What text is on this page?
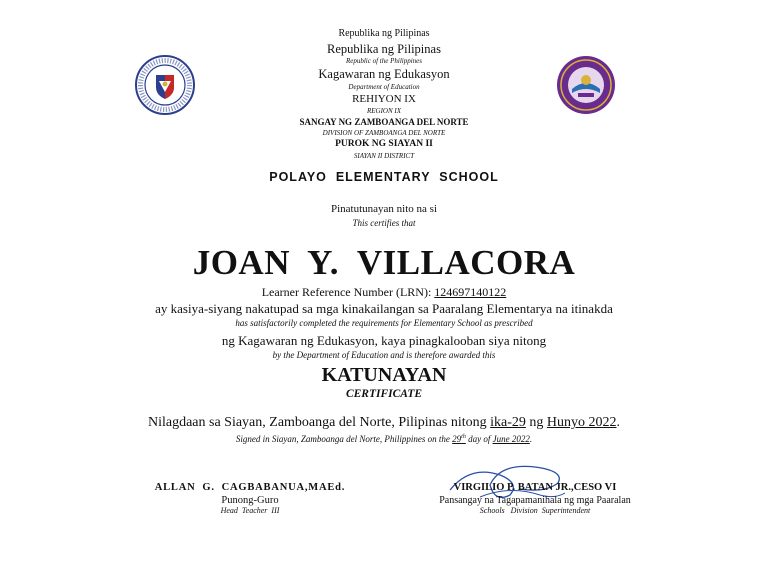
Republika ng Pilipinas
Republika ng Pilipinas
Republic of the Philippines
Kagawaran ng Edukasyon
Department of Education
REHIYON IX
REGION IX
SANGAY NG ZAMBOANGA DEL NORTE
DIVISION OF ZAMBOANGA DEL NORTE
PUROK NG SIAYAN II
SIAYAN II DISTRICT
POLAYO  ELEMENTARY  SCHOOL
Pinatutunayan nito na si
This certifies that
JOAN  Y.  VILLACORA
Learner Reference Number (LRN): 124697140122
ay kasiya-siyang nakatupad sa mga kinakailangan sa Paaralang Elementarya na itinakda
has satisfactorily completed the requirements for Elementary School as prescribed
ng Kagawaran ng Edukasyon, kaya pinagkalooban siya nitong
by the Department of Education and is therefore awarded this
KATUNAYAN
CERTIFICATE
Nilagdaan sa Siayan, Zamboanga del Norte, Pilipinas nitong ika-29 ng Hunyo 2022.
Signed in Siayan, Zamboanga del Norte, Philippines on the 29th day of June 2022.
ALLAN  G.  CAGBABANUA,MAEd.
Punong-Guro
Head  Teacher  III
VIRGILIO P. BATAN JR.,CESO VI
Pansangay na Tagapamanihala ng mga Paaralan
Schools   Division  Superintendent
